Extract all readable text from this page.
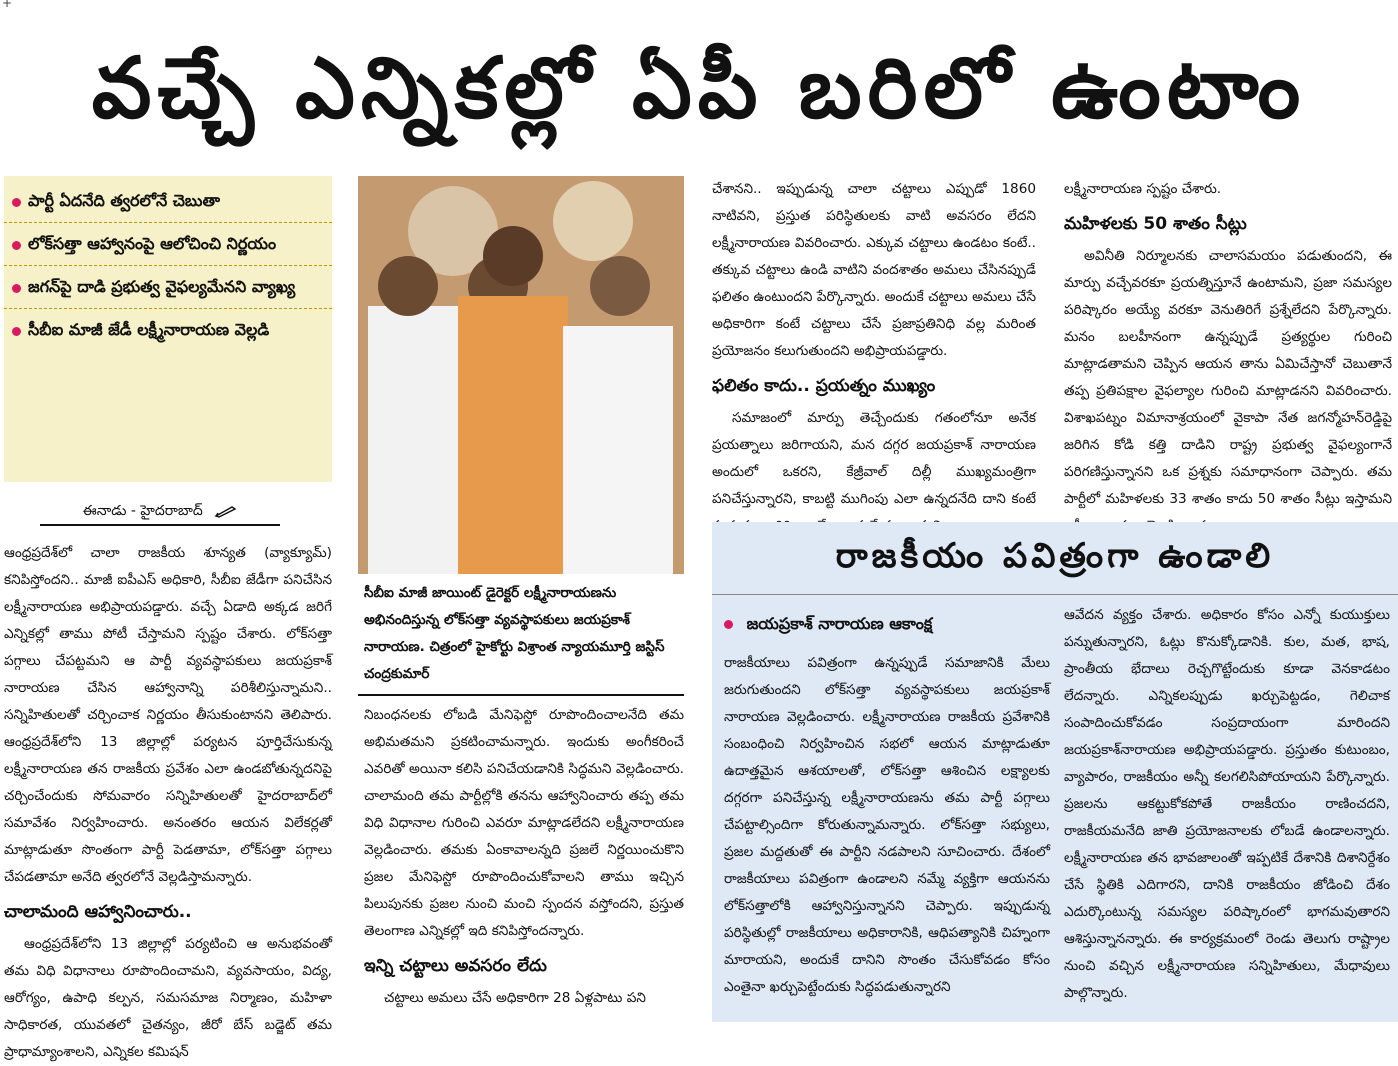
+
వచ్చే ఎన్నికల్లో ఏపీ బరిలో ఉంటాం
పార్టీ ఏదనేది త్వరలోనే చెబుతా
లోక్‌సత్తా ఆహ్వానంపై ఆలోచించి నిర్ణయం
జగన్‌పై దాడి ప్రభుత్వ వైఫల్యమేనని వ్యాఖ్య
సీబీఐ మాజీ జేడీ లక్ష్మీనారాయణ వెల్లడి
ఈనాడు - హైదరాబాద్

ఆంధ్రప్రదేశ్‌లో చాలా రాజకీయ శూన్యత (వ్యాక్యూమ్) కనిపిస్తోందని.. మాజీ ఐపీఎస్ అధికారి, సీబీఐ జేడీగా పనిచేసిన లక్ష్మీనారాయణ అభిప్రాయపడ్డారు. వచ్చే ఏడాది అక్కడ జరిగే ఎన్నికల్లో తాము పోటీ చేస్తామని స్పష్టం చేశారు. లోక్‌సత్తా పగ్గాలు చేపట్టమని ఆ పార్టీ వ్యవస్థాపకులు జయప్రకాశ్ నారాయణ చేసిన ఆహ్వానాన్ని పరిశీలిస్తున్నామని.. సన్నిహితులతో చర్చించాక నిర్ణయం తీసుకుంటానని తెలిపారు. ఆంధ్రప్రదేశ్‌లోని 13 జిల్లాల్లో పర్యటన పూర్తిచేసుకున్న లక్ష్మీనారాయణ తన రాజకీయ ప్రవేశం ఎలా ఉండబోతున్నదనిపై చర్చించేందుకు సోమవారం సన్నిహితులతో హైదరాబాద్‌లో సమావేశం నిర్వహించారు. అనంతరం ఆయన విలేకర్లతో మాట్లాడుతూ సొంతంగా పార్టీ పెడతామా, లోక్‌సత్తా పగ్గాలు చేపడతామా అనేది త్వరలోనే వెల్లడిస్తామన్నారు.

చాలామంది ఆహ్వానించారు..

ఆంధ్రప్రదేశ్‌లోని 13 జిల్లాల్లో పర్యటించి ఆ అనుభవంతో తమ విధి విధానాలు రూపొందించామని, వ్యవసాయం, విద్య, ఆరోగ్యం, ఉపాధి కల్పన, సమసమాజ నిర్మాణం, మహిళా సాధికారత, యువతలో చైతన్యం, జీరో బేస్ బడ్జెట్ తమ ప్రాధామ్యాంశాలని, ఎన్నికల కమిషన్

సీబీఐ మాజీ జాయింట్ డైరెక్టర్ లక్ష్మీనారాయణను అభినందిస్తున్న లోక్‌సత్తా వ్యవస్థాపకులు జయప్రకాశ్ నారాయణ. చిత్రంలో హైకోర్టు విశ్రాంత న్యాయమూర్తి జస్టిస్ చంద్రకుమార్

నిబంధనలకు లోబడి మేనిఫెస్టో రూపొందించాలనేది తమ అభిమతమని ప్రకటించామన్నారు. ఇందుకు అంగీకరించే ఎవరితో అయినా కలిసి పనిచేయడానికి సిద్ధమని వెల్లడించారు. చాలామంది తమ పార్టీల్లోకి తనను ఆహ్వానించారు తప్ప తమ విధి విధానాల గురించి ఎవరూ మాట్లాడలేదని లక్ష్మీనారాయణ వెల్లడించారు. తమకు ఏంకావాలన్నది ప్రజలే నిర్ణయించుకొని ప్రజల మేనిఫెస్టో రూపొందించుకోవాలని తాము ఇచ్చిన పిలుపునకు ప్రజల నుంచి మంచి స్పందన వస్తోందని, ప్రస్తుత తెలంగాణ ఎన్నికల్లో ఇది కనిపిస్తోందన్నారు.

ఇన్ని చట్టాలు అవసరం లేదు

చట్టాలు అమలు చేసే అధికారిగా 28 ఏళ్లపాటు పని

చేశానని.. ఇప్పుడున్న చాలా చట్టాలు ఎప్పుడో 1860 నాటివని, ప్రస్తుత పరిస్థితులకు వాటి అవసరం లేదని లక్ష్మీనారాయణ వివరించారు. ఎక్కువ చట్టాలు ఉండటం కంటే.. తక్కువ చట్టాలు ఉండి వాటిని వందశాతం అమలు చేసినప్పుడే ఫలితం ఉంటుందని పేర్కొన్నారు. అందుకే చట్టాలు అమలు చేసే అధికారిగా కంటే చట్టాలు చేసే ప్రజాప్రతినిధి వల్ల మరింత ప్రయోజనం కలుగుతుందని అభిప్రాయపడ్డారు.

ఫలితం కాదు.. ప్రయత్నం ముఖ్యం

సమాజంలో మార్పు తెచ్చేందుకు గతంలోనూ అనేక ప్రయత్నాలు జరిగాయని, మన దగ్గర జయప్రకాశ్ నారాయణ అందులో ఒకరని, కేజ్రీవాల్ దిల్లీ ముఖ్యమంత్రిగా పనిచేస్తున్నారని, కాబట్టి ముగింపు ఎలా ఉన్నదనేది దాని కంటే

లక్ష్మీనారాయణ స్పష్టం చేశారు.

మహిళలకు 50 శాతం సీట్లు

అవినీతి నిర్మూలనకు చాలాసమయం పడుతుందని, ఈ మార్పు వచ్చేవరకూ ప్రయత్నిస్తూనే ఉంటామని, ప్రజా సమస్యల పరిష్కారం అయ్యే వరకూ వెనుతిరిగే ప్రశ్నేలేదని పేర్కొన్నారు. మనం బలహీనంగా ఉన్నప్పుడే ప్రత్యర్థుల గురించి మాట్లాడతామని చెప్పిన ఆయన తాను ఏమిచేస్తానో చెబుతానే తప్ప ప్రతిపక్షాల వైఫల్యాల గురించి మాట్లాడనని వివరించారు. విశాఖపట్నం విమానాశ్రయంలో వైకాపా నేత జగన్మోహన్‌రెడ్డిపై జరిగిన కోడి కత్తి దాడిని రాష్ట్ర ప్రభుత్వ వైఫల్యంగానే పరిగణిస్తున్నానని ఒక ప్రశ్నకు సమాధానంగా చెప్పారు. తమ పార్టీలో మహిళలకు 33 శాతం కాదు 50 శాతం సీట్లు ఇస్తామని

రాజకీయం పవిత్రంగా ఉండాలి
జయప్రకాశ్ నారాయణ ఆకాంక్ష

రాజకీయాలు పవిత్రంగా ఉన్నప్పుడే సమాజానికి మేలు జరుగుతుందని లోక్‌సత్తా వ్యవస్థాపకులు జయప్రకాశ్ నారాయణ వెల్లడించారు. లక్ష్మీనారాయణ రాజకీయ ప్రవేశానికి సంబంధించి నిర్వహించిన సభలో ఆయన మాట్లాడుతూ ఉదాత్తమైన ఆశయాలతో, లోక్‌సత్తా ఆశించిన లక్ష్యాలకు దగ్గరగా పనిచేస్తున్న లక్ష్మీనారాయణను తమ పార్టీ పగ్గాలు చేపట్టాల్సిందిగా కోరుతున్నామన్నారు. లోక్‌సత్తా సభ్యులు, ప్రజల మద్దతుతో ఈ పార్టీని నడపాలని సూచించారు. దేశంలో రాజకీయాలు పవిత్రంగా ఉండాలని నమ్మే వ్యక్తిగా ఆయనను లోక్‌సత్తాలోకి ఆహ్వానిస్తున్నానని చెప్పారు. ఇప్పుడున్న పరిస్థితుల్లో రాజకీయాలు అధికారానికి, ఆధిపత్యానికి చిహ్నంగా మారాయని, అందుకే దానిని సొంతం చేసుకోవడం కోసం ఎంతైనా ఖర్చుపెట్టేందుకు సిద్ధపడుతున్నారని

ఆవేదన వ్యక్తం చేశారు. అధికారం కోసం ఎన్నో కుయుక్తులు పన్నుతున్నారని, ఓట్లు కొనుక్కోడానికి. కుల, మత, భాష, ప్రాంతీయ భేదాలు రెచ్చగొట్టేందుకు కూడా వెనకాడటం లేదన్నారు. ఎన్నికలప్పుడు ఖర్చుపెట్టడం, గెలిచాక సంపాదించుకోవడం సంప్రదాయంగా మారిందని జయప్రకాశ్‌నారాయణ అభిప్రాయపడ్డారు. ప్రస్తుతం కుటుంబం, వ్యాపారం, రాజకీయం అన్నీ కలగలిసిపోయాయని పేర్కొన్నారు. ప్రజలను ఆకట్టుకోకపోతే రాజకీయం రాణించదని, రాజకీయమనేది జాతి ప్రయోజనాలకు లోబడే ఉండాలన్నారు. లక్ష్మీనారాయణ తన భావజాలంతో ఇప్పటికే దేశానికి దిశానిర్దేశం చేసే స్థితికి ఎదిగారని, దానికి రాజకీయం జోడించి దేశం ఎదుర్కొంటున్న సమస్యల పరిష్కారంలో భాగమవుతారని ఆశిస్తున్నానన్నారు. ఈ కార్యక్రమంలో రెండు తెలుగు రాష్ట్రాల నుంచి వచ్చిన లక్ష్మీనారాయణ సన్నిహితులు, మేధావులు పాల్గొన్నారు.
